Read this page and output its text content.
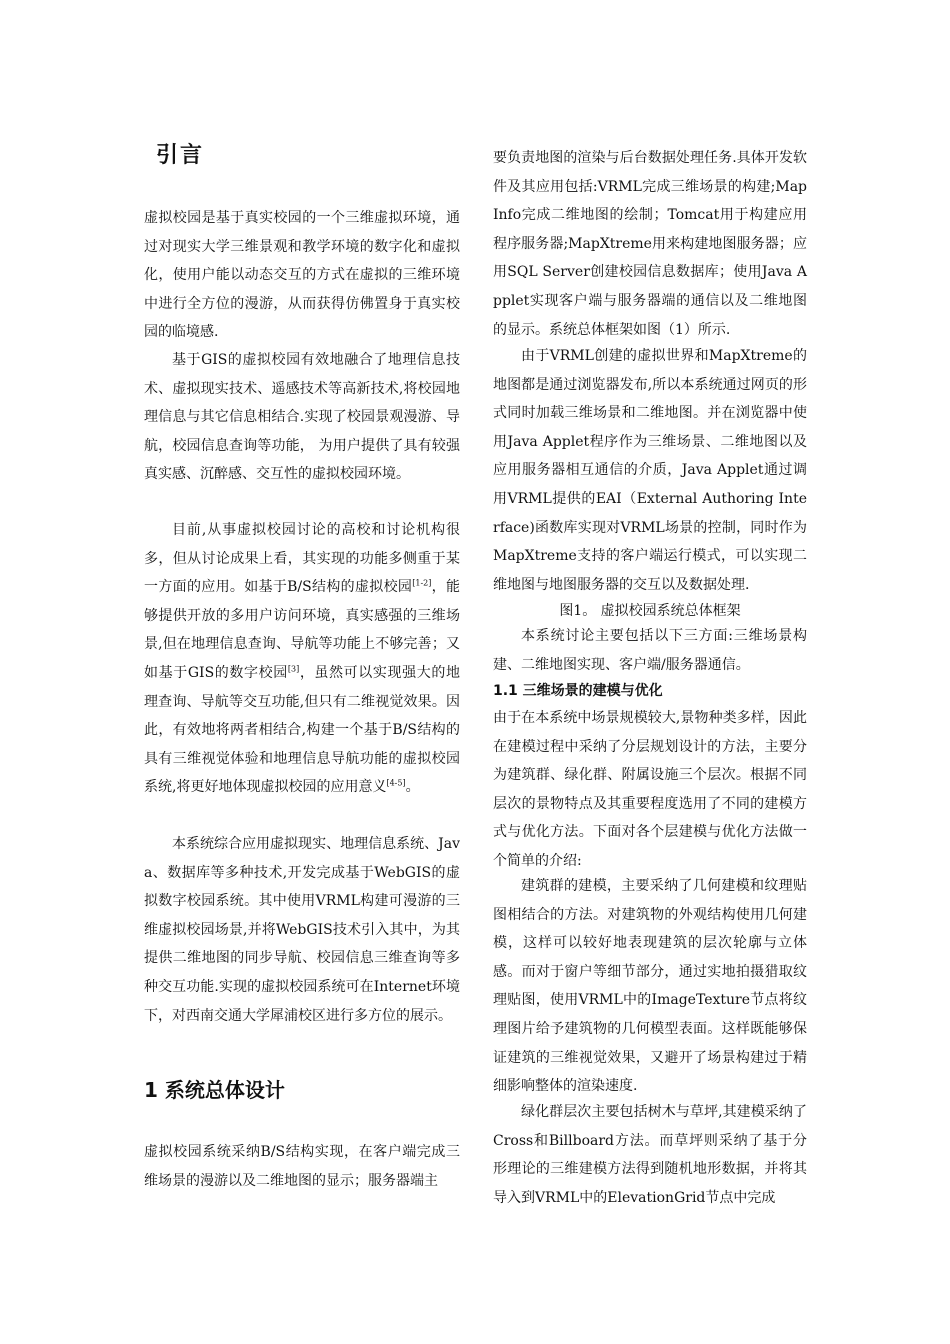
引言

虚拟校园是基于真实校园的一个三维虚拟环境，通过对现实大学三维景观和教学环境的数字化和虚拟化，使用户能以动态交互的方式在虚拟的三维环境中进行全方位的漫游，从而获得仿佛置身于真实校园的临境感.

基于GIS的虚拟校园有效地融合了地理信息技术、虚拟现实技术、遥感技术等高新技术,将校园地理信息与其它信息相结合.实现了校园景观漫游、导航，校园信息查询等功能， 为用户提供了具有较强真实感、沉醉感、交互性的虚拟校园环境。

目前,从事虚拟校园讨论的高校和讨论机构很多，但从讨论成果上看，其实现的功能多侧重于某一方面的应用。如基于B/S结构的虚拟校园[1-2]，能够提供开放的多用户访问环境，真实感强的三维场景,但在地理信息查询、导航等功能上不够完善；又如基于GIS的数字校园[3]，虽然可以实现强大的地理查询、导航等交互功能,但只有二维视觉效果。因此，有效地将两者相结合,构建一个基于B/S结构的具有三维视觉体验和地理信息导航功能的虚拟校园系统,将更好地体现虚拟校园的应用意义[4-5]。

本系统综合应用虚拟现实、地理信息系统、Java、数据库等多种技术,开发完成基于WebGIS的虚拟数字校园系统。其中使用VRML构建可漫游的三维虚拟校园场景,并将WebGIS技术引入其中，为其提供二维地图的同步导航、校园信息三维查询等多种交互功能.实现的虚拟校园系统可在Internet环境下，对西南交通大学犀浦校区进行多方位的展示。

1 系统总体设计

虚拟校园系统采纳B/S结构实现，在客户端完成三维场景的漫游以及二维地图的显示；服务器端主

要负责地图的渲染与后台数据处理任务.具体开发软件及其应用包括:VRML完成三维场景的构建;MapInfo完成二维地图的绘制；Tomcat用于构建应用程序服务器;MapXtreme用来构建地图服务器；应用SQL Server创建校园信息数据库；使用Java Applet实现客户端与服务器端的通信以及二维地图的显示。系统总体框架如图（1）所示.

由于VRML创建的虚拟世界和MapXtreme的地图都是通过浏览器发布,所以本系统通过网页的形式同时加载三维场景和二维地图。并在浏览器中使用Java Applet程序作为三维场景、二维地图以及应用服务器相互通信的介质，Java Applet通过调用VRML提供的EAI（External Authoring Interface)函数库实现对VRML场景的控制，同时作为MapXtreme支持的客户端运行模式，可以实现二维地图与地图服务器的交互以及数据处理.

图1。 虚拟校园系统总体框架

本系统讨论主要包括以下三方面:三维场景构建、二维地图实现、客户端/服务器通信。

1.1 三维场景的建模与优化

由于在本系统中场景规模较大,景物种类多样，因此在建模过程中采纳了分层规划设计的方法，主要分为建筑群、绿化群、附属设施三个层次。根据不同层次的景物特点及其重要程度选用了不同的建模方式与优化方法。下面对各个层建模与优化方法做一个简单的介绍:

建筑群的建模，主要采纳了几何建模和纹理贴图相结合的方法。对建筑物的外观结构使用几何建模，这样可以较好地表现建筑的层次轮廓与立体感。而对于窗户等细节部分，通过实地拍摄猎取纹理贴图，使用VRML中的ImageTexture节点将纹理图片给予建筑物的几何模型表面。这样既能够保证建筑的三维视觉效果，又避开了场景构建过于精细影响整体的渲染速度.

绿化群层次主要包括树木与草坪,其建模采纳了Cross和Billboard方法。而草坪则采纳了基于分形理论的三维建模方法得到随机地形数据，并将其导入到VRML中的ElevationGrid节点中完成
